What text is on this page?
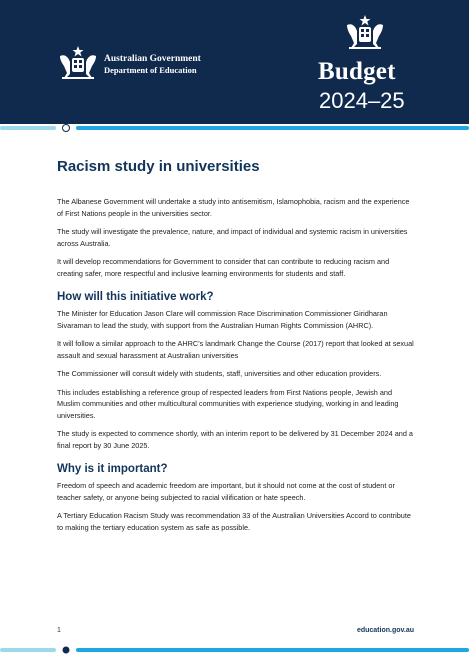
Australian Government
Department of Education	Budget
2024–25
Racism study in universities

The Albanese Government will undertake a study into antisemitism, Islamophobia, racism and the experience of First Nations people in the universities sector.

The study will investigate the prevalence, nature, and impact of individual and systemic racism in universities across Australia.

It will develop recommendations for Government to consider that can contribute to reducing racism and creating safer, more respectful and inclusive learning environments for students and staff.

How will this initiative work?

The Minister for Education Jason Clare will commission Race Discrimination Commissioner Giridharan Sivaraman to lead the study, with support from the Australian Human Rights Commission (AHRC).

It will follow a similar approach to the AHRC’s landmark Change the Course (2017) report that looked at sexual assault and sexual harassment at Australian universities

The Commissioner will consult widely with students, staff, universities and other education providers.

This includes establishing a reference group of respected leaders from First Nations people, Jewish and Muslim communities and other multicultural communities with experience studying, working in and leading universities.

The study is expected to commence shortly, with an interim report to be delivered by 31 December 2024 and a final report by 30 June 2025.

Why is it important?

Freedom of speech and academic freedom are important, but it should not come at the cost of student or teacher safety, or anyone being subjected to racial vilification or hate speech.

A Tertiary Education Racism Study was recommendation 33 of the Australian Universities Accord to contribute to making the tertiary education system as safe as possible.

1	education.gov.au
